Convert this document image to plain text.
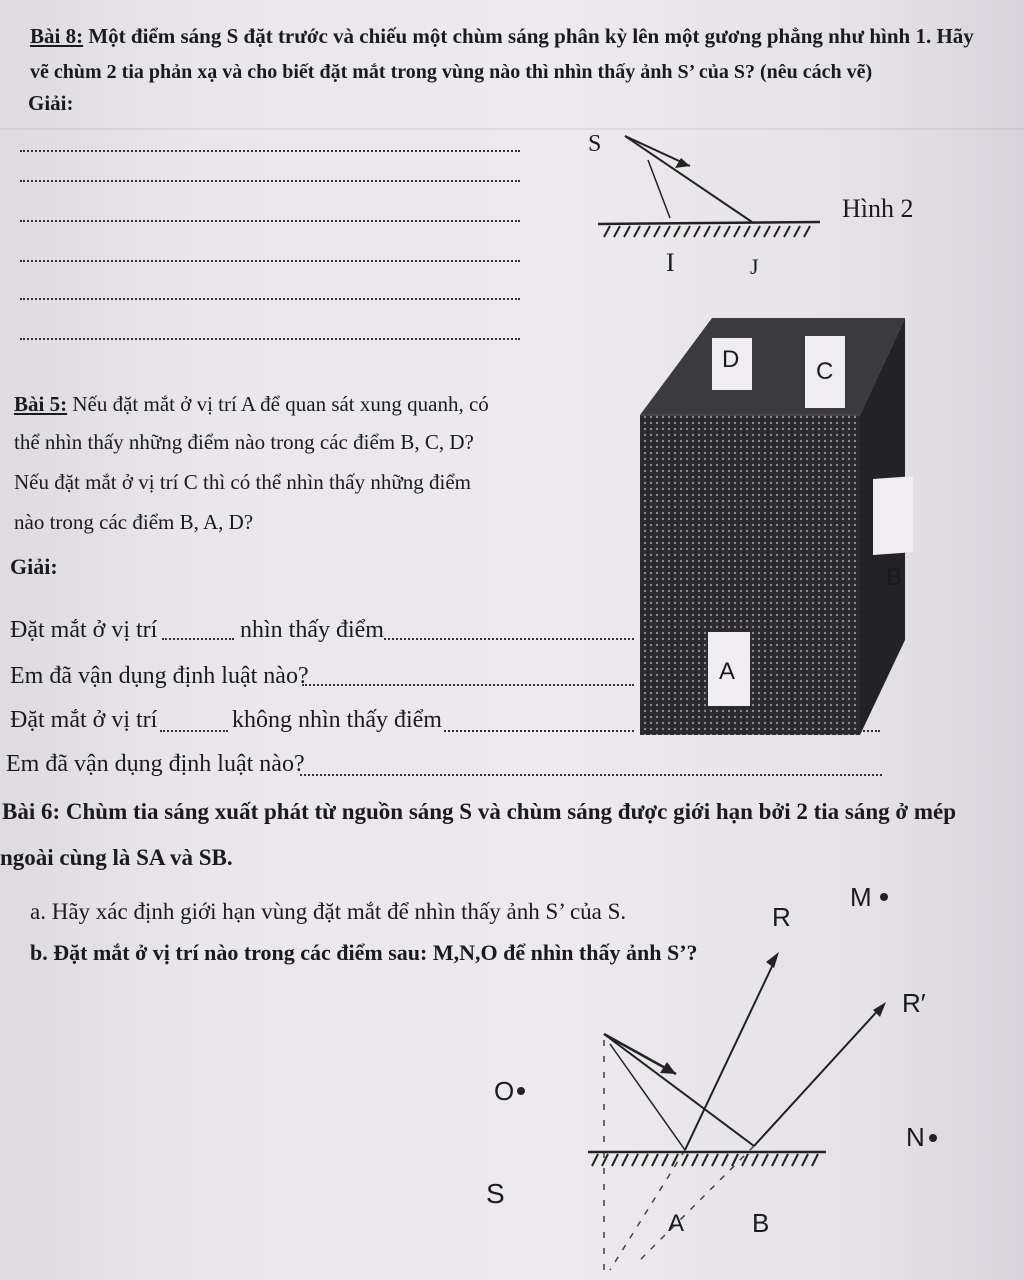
Bài 8: Một điểm sáng S đặt trước và chiếu một chùm sáng phân kỳ lên một gương phẳng như hình 1. Hãy
vẽ chùm 2 tia phản xạ và cho biết đặt mắt trong vùng nào thì nhìn thấy ảnh S’ của S? (nêu cách vẽ)
Giải:
S
Hình 2
I	J
D	C
B
A
Bài 5: Nếu đặt mắt ở vị trí A để quan sát xung quanh, có
thể nhìn thấy những điểm nào trong các điểm B, C, D?
Nếu đặt mắt ở vị trí C thì có thể nhìn thấy những điểm
nào trong các điểm B, A, D?
Giải:
Đặt mắt ở vị trí	nhìn thấy điểm
Em đã vận dụng định luật nào?
Đặt mắt ở vị trí	không nhìn thấy điểm
Em đã vận dụng định luật nào?
Bài 6: Chùm tia sáng xuất phát từ nguồn sáng S và chùm sáng được giới hạn bởi 2 tia sáng ở mép
ngoài cùng là SA và SB.
a. Hãy xác định giới hạn vùng đặt mắt để nhìn thấy ảnh S’ của S.
b. Đặt mắt ở vị trí nào trong các điểm sau: M,N,O để nhìn thấy ảnh S’?
R
R′
M
O
N
S
A	B
